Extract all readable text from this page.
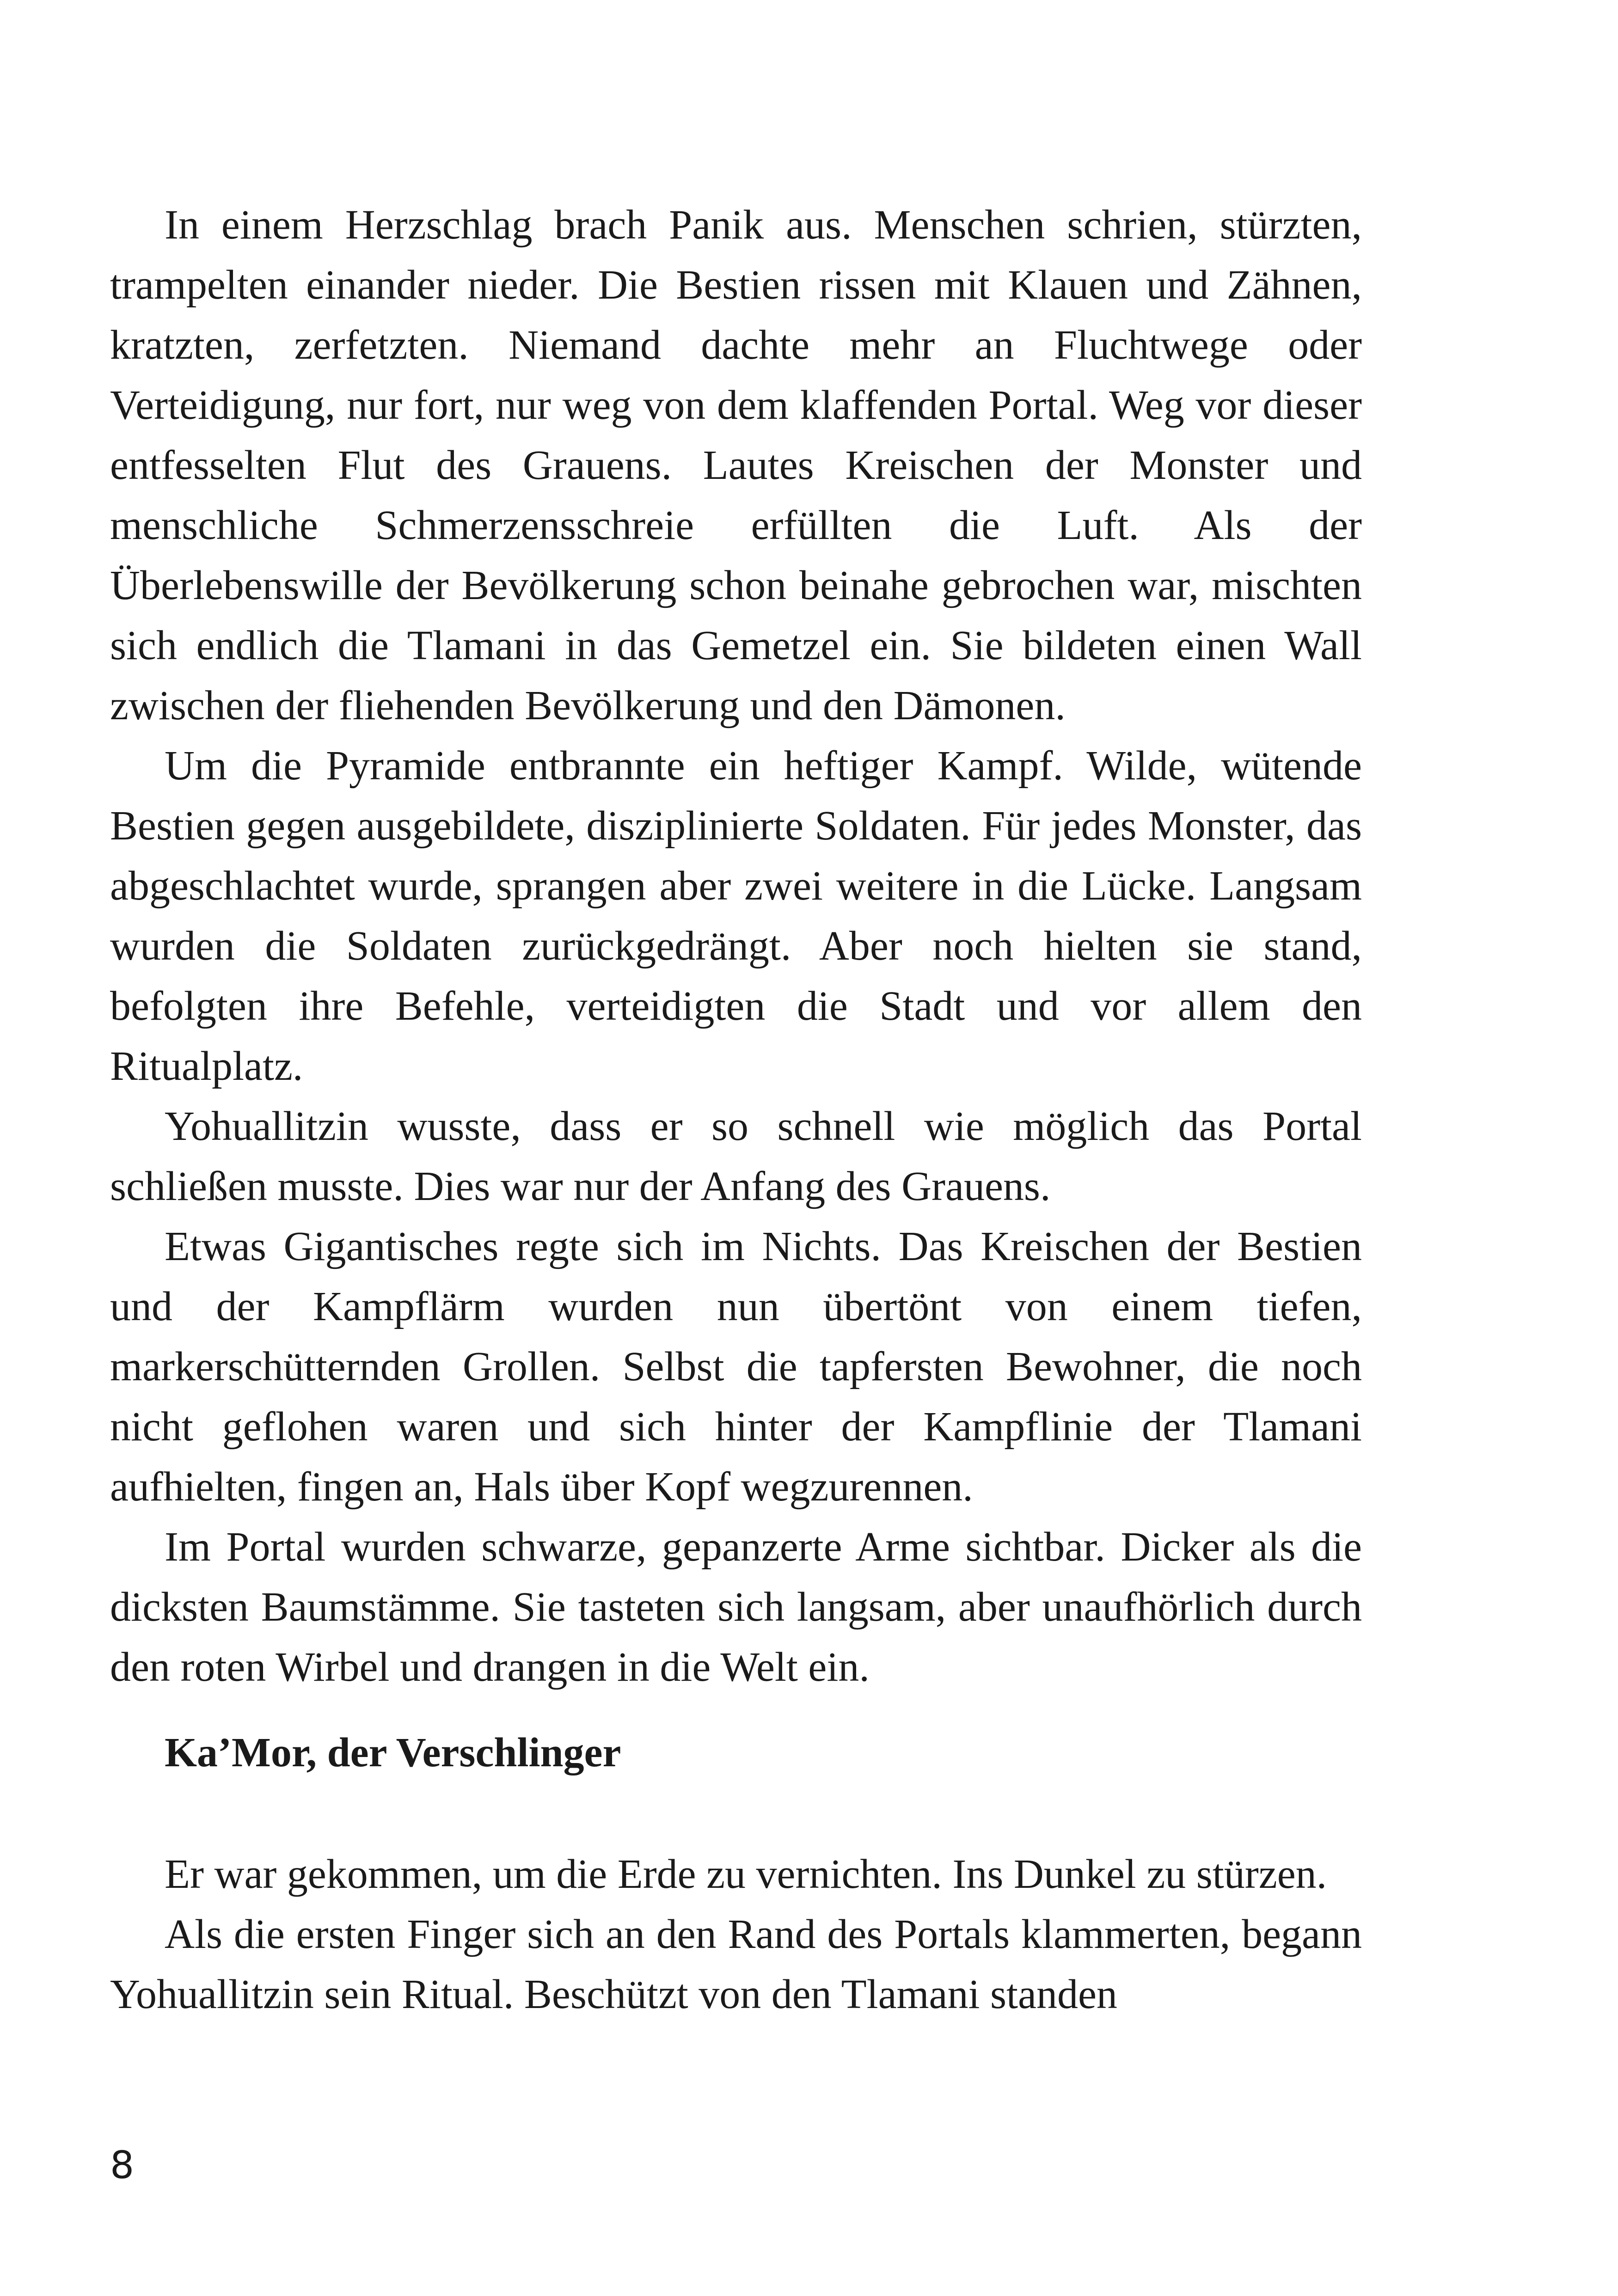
In einem Herzschlag brach Panik aus. Menschen schrien, stürzten, trampelten einander nieder. Die Bestien rissen mit Klauen und Zähnen, kratzten, zerfetzten. Niemand dachte mehr an Fluchtwege oder Verteidigung, nur fort, nur weg von dem klaffenden Portal. Weg vor dieser entfesselten Flut des Grauens. Lautes Kreischen der Monster und menschliche Schmerzensschreie erfüllten die Luft. Als der Überlebenswille der Bevölkerung schon beinahe gebrochen war, mischten sich endlich die Tlamani in das Gemetzel ein. Sie bildeten einen Wall zwischen der fliehenden Bevölkerung und den Dämonen.

Um die Pyramide entbrannte ein heftiger Kampf. Wilde, wütende Bestien gegen ausgebildete, disziplinierte Soldaten. Für jedes Monster, das abgeschlachtet wurde, sprangen aber zwei weitere in die Lücke. Langsam wurden die Soldaten zurückgedrängt. Aber noch hielten sie stand, befolgten ihre Befehle, verteidigten die Stadt und vor allem den Ritualplatz.

Yohuallitzin wusste, dass er so schnell wie möglich das Portal schließen musste. Dies war nur der Anfang des Grauens.

Etwas Gigantisches regte sich im Nichts. Das Kreischen der Bestien und der Kampflärm wurden nun übertönt von einem tiefen, markerschütternden Grollen. Selbst die tapfersten Bewohner, die noch nicht geflohen waren und sich hinter der Kampflinie der Tlamani aufhielten, fingen an, Hals über Kopf wegzurennen.

Im Portal wurden schwarze, gepanzerte Arme sichtbar. Dicker als die dicksten Baumstämme. Sie tasteten sich langsam, aber unaufhörlich durch den roten Wirbel und drangen in die Welt ein.

Ka’Mor, der Verschlinger

Er war gekommen, um die Erde zu vernichten. Ins Dunkel zu stürzen.

Als die ersten Finger sich an den Rand des Portals klammerten, begann Yohuallitzin sein Ritual. Beschützt von den Tlamani standen

8
